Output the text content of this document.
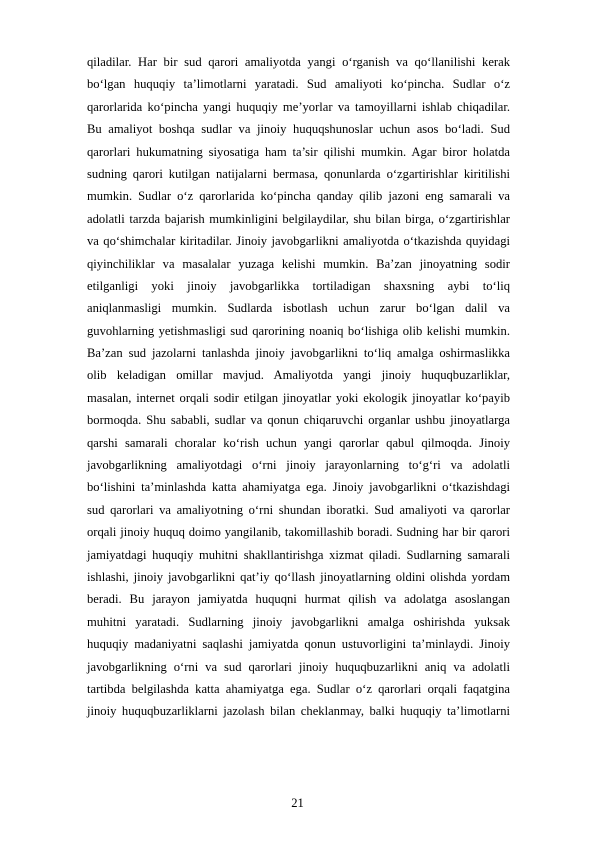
qiladilar. Har bir sud qarori amaliyotda yangi o‘rganish va qo‘llanilishi kerak
bo‘lgan huquqiy ta’limotlarni yaratadi. Sud amaliyoti ko‘pincha. Sudlar o‘z
qarorlarida ko‘pincha yangi huquqiy me’yorlar va tamoyillarni ishlab chiqadilar.
Bu amaliyot boshqa sudlar va jinoiy huquqshunoslar uchun asos bo‘ladi. Sud
qarorlari hukumatning siyosatiga ham ta’sir qilishi mumkin. Agar biror holatda
sudning qarori kutilgan natijalarni bermasa, qonunlarda o‘zgartirishlar kiritilishi
mumkin. Sudlar o‘z qarorlarida ko‘pincha qanday qilib jazoni eng samarali va
adolatli tarzda bajarish mumkinligini belgilaydilar, shu bilan birga, o‘zgartirishlar
va qo‘shimchalar kiritadilar. Jinoiy javobgarlikni amaliyotda o‘tkazishda quyidagi
qiyinchiliklar va masalalar yuzaga kelishi mumkin. Ba’zan jinoyatning sodir
etilganligi yoki jinoiy javobgarlikka tortiladigan shaxsning aybi to‘liq
aniqlanmasligi mumkin. Sudlarda isbotlash uchun zarur bo‘lgan dalil va
guvohlarning yetishmasligi sud qarorining noaniq bo‘lishiga olib kelishi mumkin.
Ba’zan sud jazolarni tanlashda jinoiy javobgarlikni to‘liq amalga oshirmaslikka
olib keladigan omillar mavjud. Amaliyotda yangi jinoiy huquqbuzarliklar,
masalan, internet orqali sodir etilgan jinoyatlar yoki ekologik jinoyatlar ko‘payib
bormoqda. Shu sababli, sudlar va qonun chiqaruvchi organlar ushbu jinoyatlarga
qarshi samarali choralar ko‘rish uchun yangi qarorlar qabul qilmoqda. Jinoiy
javobgarlikning amaliyotdagi o‘rni jinoiy jarayonlarning to‘g‘ri va adolatli
bo‘lishini ta’minlashda katta ahamiyatga ega. Jinoiy javobgarlikni o‘tkazishdagi
sud qarorlari va amaliyotning o‘rni shundan iboratki. Sud amaliyoti va qarorlar
orqali jinoiy huquq doimo yangilanib, takomillashib boradi. Sudning har bir qarori
jamiyatdagi huquqiy muhitni shakllantirishga xizmat qiladi. Sudlarning samarali
ishlashi, jinoiy javobgarlikni qat’iy qo‘llash jinoyatlarning oldini olishda yordam
beradi. Bu jarayon jamiyatda huquqni hurmat qilish va adolatga asoslangan
muhitni yaratadi. Sudlarning jinoiy javobgarlikni amalga oshirishda yuksak
huquqiy madaniyatni saqlashi jamiyatda qonun ustuvorligini ta’minlaydi. Jinoiy
javobgarlikning o‘rni va sud qarorlari jinoiy huquqbuzarlikni aniq va adolatli
tartibda belgilashda katta ahamiyatga ega. Sudlar o‘z qarorlari orqali faqatgina
jinoiy huquqbuzarliklarni jazolash bilan cheklanmay, balki huquqiy ta’limotlarni
21
